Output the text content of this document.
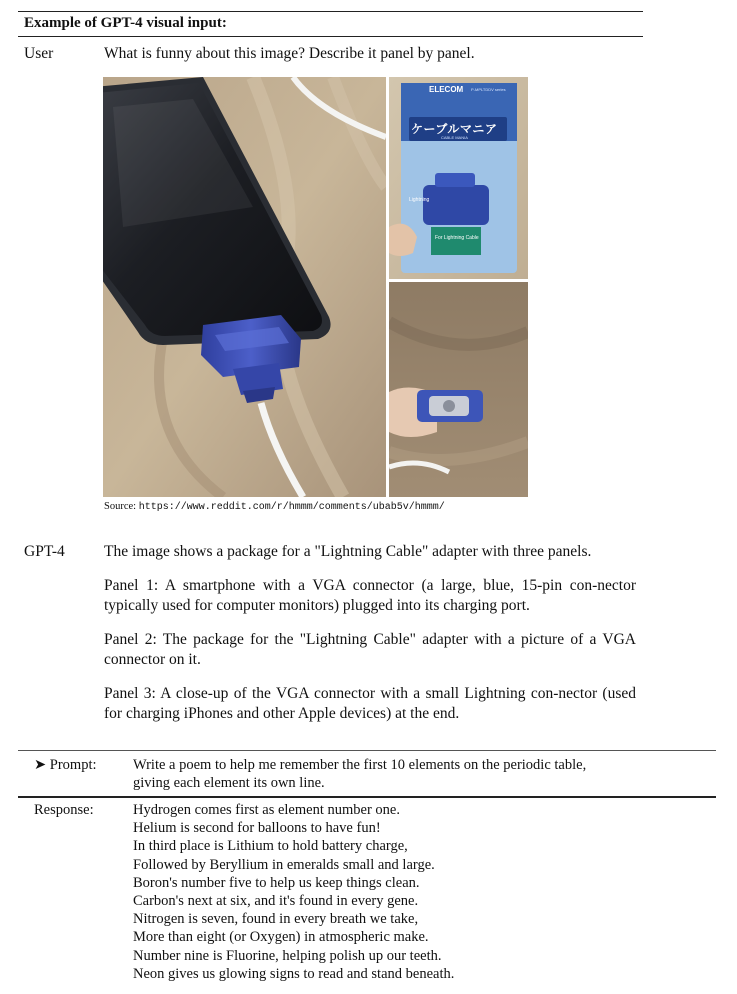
Example of GPT-4 visual input:
User	What is funny about this image? Describe it panel by panel.
ELECOM P-MPLTDDV series
ケーブルマニア
CABLE MANIA
Lightning
For Lightning Cable
Source: https://www.reddit.com/r/hmmm/comments/ubab5v/hmmm/
GPT-4	The image shows a package for a "Lightning Cable" adapter with three panels.
Panel 1: A smartphone with a VGA connector (a large, blue, 15-pin con-nector typically used for computer monitors) plugged into its charging port.
Panel 2: The package for the "Lightning Cable" adapter with a picture of a VGA connector on it.
Panel 3: A close-up of the VGA connector with a small Lightning con-nector (used for charging iPhones and other Apple devices) at the end.
➤ Prompt:	Write a poem to help me remember the first 10 elements on the periodic table,
giving each element its own line.
Response:	Hydrogen comes first as element number one.
Helium is second for balloons to have fun!
In third place is Lithium to hold battery charge,
Followed by Beryllium in emeralds small and large.
Boron's number five to help us keep things clean.
Carbon's next at six, and it's found in every gene.
Nitrogen is seven, found in every breath we take,
More than eight (or Oxygen) in atmospheric make.
Number nine is Fluorine, helping polish up our teeth.
Neon gives us glowing signs to read and stand beneath.
